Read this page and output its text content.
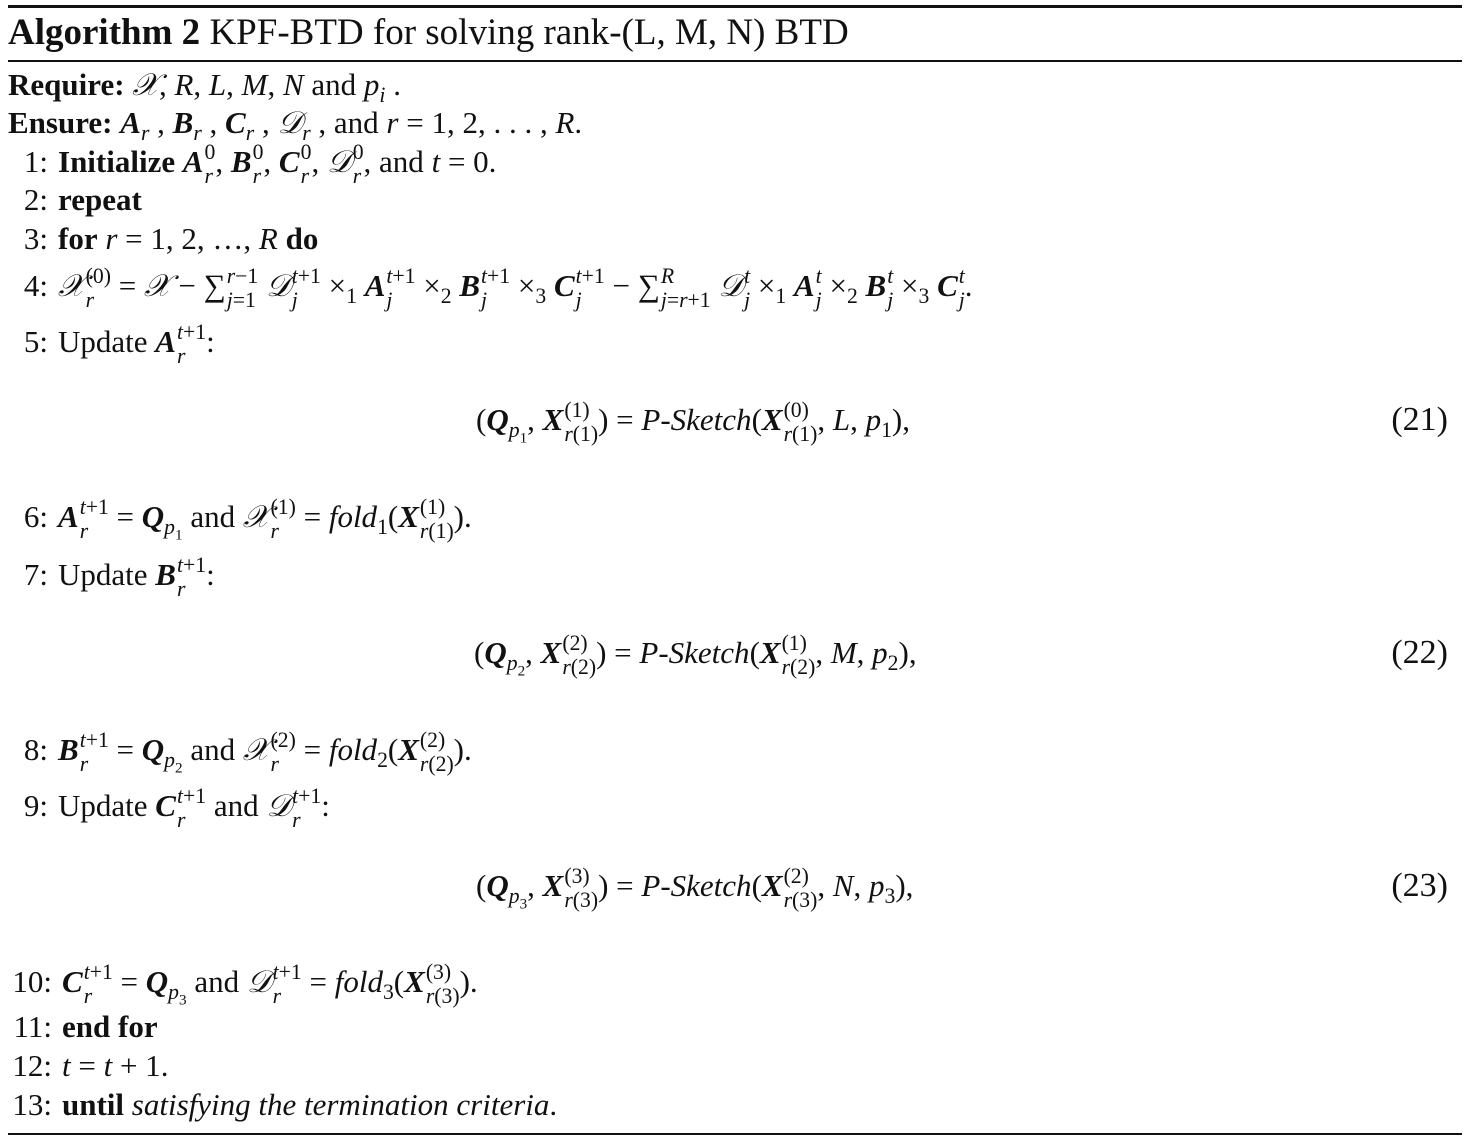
Algorithm 2 KPF-BTD for solving rank-(L, M, N) BTD
Require: 𝒳, R, L, M, N and $p_i$ .
Ensure: $A_r$ , $B_r$ , $C_r$ , 𝒟$_r$ , and r = 1, 2, . . . , R.
1: Initialize A 0
r , B 0
r , C 0
r , 𝒟 0
r , and t = 0.
2: repeat
3: for r = 1, 2, …, R do
4: 𝒳 (0)
r = 𝒳 − ∑ r−1
j=1 𝒟 t+1
$j \times_1$ A t+1
$j \times_2$ B t+1
$j \times_3$ C t+1
j − ∑ R
j=r+1 𝒟 t
$j \times_1$ A t
$j \times_2$ B t
$j \times_3$ C t
j .
5: Update A t+1
r :
($Q_{p_1}$, X (1)
r(1) ) = P-Sketch(X (0)
r(1) , L, $p_1$),	(21)
6: A t+1
$r = Q_{p_1}$ and 𝒳 (1)
r = fold$_1$(X (1)
r(1) ).
7: Update B t+1
r :
($Q_{p_2}$, X (2)
r(2) ) = P-Sketch(X (1)
r(2) , M, $p_2$),	(22)
8: B t+1
$r = Q_{p_2}$ and 𝒳 (2)
r = fold$_2$(X (2)
r(2) ).
9: Update C t+1
r and 𝒟 t+1
r :
($Q_{p_3}$, X (3)
r(3) ) = P-Sketch(X (2)
r(3) , N, $p_3$),	(23)
10: C t+1
$r = Q_{p_3}$ and 𝒟 t+1
r = fold$_3$(X (3)
r(3) ).
11: end for
12: t = t + 1.
13: until satisfying the termination criteria.
